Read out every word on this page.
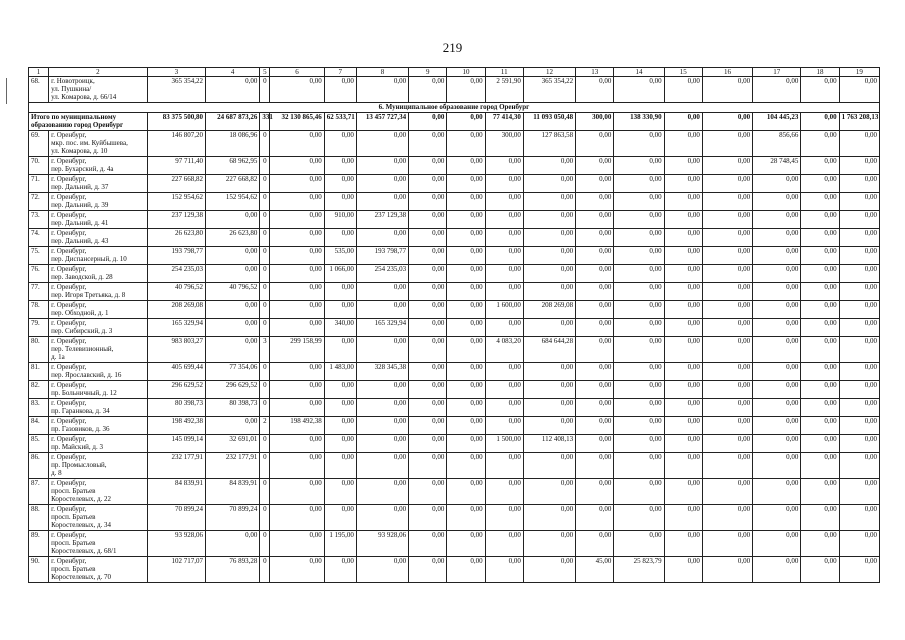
219
1	2	3	4	5	6	7	8	9	10	11	12	13	14	15	16	17	18	19
68.	г. Новотроицк,
ул. Пушкина/
ул. Комарова, д. 66/14	365 354,22	0,00	0	0,00	0,00	0,00	0,00	0,00	2 591,90	365 354,22	0,00	0,00	0,00	0,00	0,00	0,00	0,00
6. Муниципальное образование город Оренбург																		
Итого по муниципальному
образованию город Оренбург		83 375 500,80	24 687 873,26	331	32 130 865,46	62 533,71	13 457 727,34	0,00	0,00	77 414,30	11 093 050,48	300,00	138 330,90	0,00	0,00	104 445,23	0,00	1 763 208,13
69.	г. Оренбург,
мкр. пос. им. Куйбышева,
ул. Комарова, д. 10	146 807,20	18 086,96	0	0,00	0,00	0,00	0,00	0,00	300,00	127 863,58	0,00	0,00	0,00	0,00	856,66	0,00	0,00
70.	г. Оренбург,
пер. Бухарский, д. 4а	97 711,40	68 962,95	0	0,00	0,00	0,00	0,00	0,00	0,00	0,00	0,00	0,00	0,00	0,00	28 748,45	0,00	0,00
71.	г. Оренбург,
пер. Дальний, д. 37	227 668,82	227 668,82	0	0,00	0,00	0,00	0,00	0,00	0,00	0,00	0,00	0,00	0,00	0,00	0,00	0,00	0,00
72.	г. Оренбург,
пер. Дальний, д. 39	152 954,62	152 954,62	0	0,00	0,00	0,00	0,00	0,00	0,00	0,00	0,00	0,00	0,00	0,00	0,00	0,00	0,00
73.	г. Оренбург,
пер. Дальний, д. 41	237 129,38	0,00	0	0,00	910,00	237 129,38	0,00	0,00	0,00	0,00	0,00	0,00	0,00	0,00	0,00	0,00	0,00
74.	г. Оренбург,
пер. Дальний, д. 43	26 623,80	26 623,80	0	0,00	0,00	0,00	0,00	0,00	0,00	0,00	0,00	0,00	0,00	0,00	0,00	0,00	0,00
75.	г. Оренбург,
пер. Диспансерный, д. 10	193 798,77	0,00	0	0,00	535,00	193 798,77	0,00	0,00	0,00	0,00	0,00	0,00	0,00	0,00	0,00	0,00	0,00
76.	г. Оренбург,
пер. Заводской, д. 28	254 235,03	0,00	0	0,00	1 066,00	254 235,03	0,00	0,00	0,00	0,00	0,00	0,00	0,00	0,00	0,00	0,00	0,00
77.	г. Оренбург,
пер. Игоря Третьяка, д. 8	40 796,52	40 796,52	0	0,00	0,00	0,00	0,00	0,00	0,00	0,00	0,00	0,00	0,00	0,00	0,00	0,00	0,00
78.	г. Оренбург,
пер. Обходной, д. 1	208 269,08	0,00	0	0,00	0,00	0,00	0,00	0,00	1 600,00	208 269,08	0,00	0,00	0,00	0,00	0,00	0,00	0,00
79.	г. Оренбург,
пер. Сибирский, д. 3	165 329,94	0,00	0	0,00	340,00	165 329,94	0,00	0,00	0,00	0,00	0,00	0,00	0,00	0,00	0,00	0,00	0,00
80.	г. Оренбург,
пер. Телевизионный,
д. 1а	983 803,27	0,00	3	299 158,99	0,00	0,00	0,00	0,00	4 083,20	684 644,28	0,00	0,00	0,00	0,00	0,00	0,00	0,00
81.	г. Оренбург,
пер. Ярославский, д. 16	405 699,44	77 354,06	0	0,00	1 483,00	328 345,38	0,00	0,00	0,00	0,00	0,00	0,00	0,00	0,00	0,00	0,00	0,00
82.	г. Оренбург,
пр. Больничный, д. 12	296 629,52	296 629,52	0	0,00	0,00	0,00	0,00	0,00	0,00	0,00	0,00	0,00	0,00	0,00	0,00	0,00	0,00
83.	г. Оренбург,
пр. Гаранкова, д. 34	80 398,73	80 398,73	0	0,00	0,00	0,00	0,00	0,00	0,00	0,00	0,00	0,00	0,00	0,00	0,00	0,00	0,00
84.	г. Оренбург,
пр. Газовиков, д. 36	198 492,38	0,00	2	198 492,38	0,00	0,00	0,00	0,00	0,00	0,00	0,00	0,00	0,00	0,00	0,00	0,00	0,00
85.	г. Оренбург,
пр. Майский, д. 3	145 099,14	32 691,01	0	0,00	0,00	0,00	0,00	0,00	1 500,00	112 408,13	0,00	0,00	0,00	0,00	0,00	0,00	0,00
86.	г. Оренбург,
пр. Промысловый,
д. 8	232 177,91	232 177,91	0	0,00	0,00	0,00	0,00	0,00	0,00	0,00	0,00	0,00	0,00	0,00	0,00	0,00	0,00
87.	г. Оренбург,
просп. Братьев
Коростелевых, д. 22	84 839,91	84 839,91	0	0,00	0,00	0,00	0,00	0,00	0,00	0,00	0,00	0,00	0,00	0,00	0,00	0,00	0,00
88.	г. Оренбург,
просп. Братьев
Коростелевых, д. 34	70 899,24	70 899,24	0	0,00	0,00	0,00	0,00	0,00	0,00	0,00	0,00	0,00	0,00	0,00	0,00	0,00	0,00
89.	г. Оренбург,
просп. Братьев
Коростелевых, д. 68/1	93 928,06	0,00	0	0,00	1 195,00	93 928,06	0,00	0,00	0,00	0,00	0,00	0,00	0,00	0,00	0,00	0,00	0,00
90.	г. Оренбург,
просп. Братьев
Коростелевых, д. 70	102 717,07	76 893,28	0	0,00	0,00	0,00	0,00	0,00	0,00	0,00	45,00	25 823,79	0,00	0,00	0,00	0,00	0,00
